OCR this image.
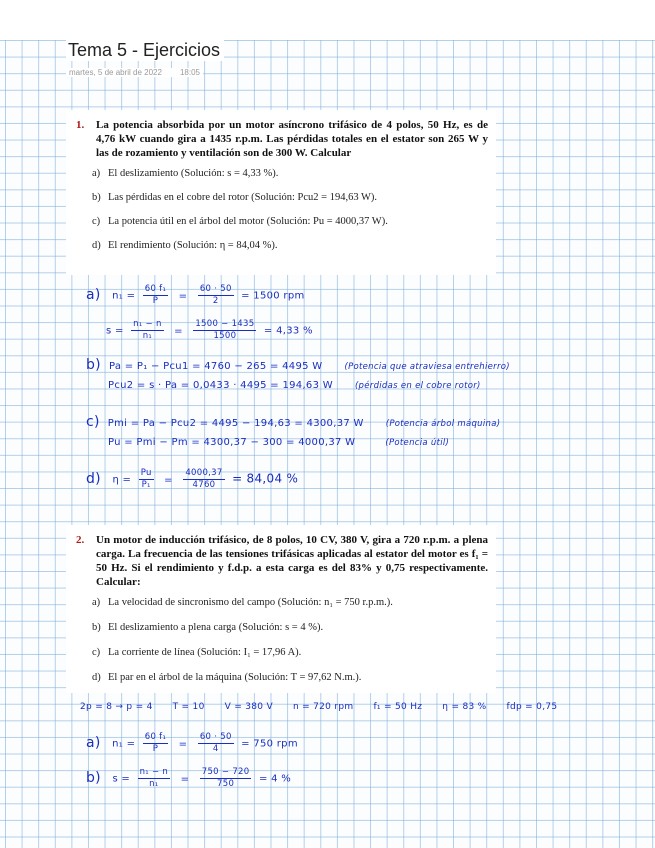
Tema 5 - Ejercicios
martes, 5 de abril de 2022 18:05
1.	La potencia absorbida por un motor asíncrono trifásico de 4 polos, 50 Hz, es de 4,76 kW cuando gira a 1435 r.p.m. Las pérdidas totales en el estator son 265 W y las de rozamiento y ventilación son de 300 W. Calcular
a) El deslizamiento (Solución: s = 4,33 %).
b) Las pérdidas en el cobre del rotor (Solución: Pcu2 = 194,63 W).
c) La potencia útil en el árbol del motor (Solución: Pu = 4000,37 W).
d) El rendimiento (Solución: η = 84,04 %).
a) $n_1 = \frac{\text{60 f₁}}{P} = \frac{60 \cdot 50}{2} = 1500$ rpm
$s = \frac{\text{n₁ − n}}{\text{n₁}} = \frac{1500 - 1435}{1500} = 4,33$ %
b) Pa = P₁ − Pcu1 = 4760 − 265 = 4495 W	(Potencia que atraviesa entrehierro)
Pcu2 = s · Pa = 0,0433 · 4495 = 194,63 W	(pérdidas en el cobre rotor)
c) Pmi = Pa − Pcu2 = 4495 − 194,63 = 4300,37 W	(Potencia árbol máquina)
Pu = Pmi − Pm = 4300,37 − 300 = 4000,37 W	(Potencia útil)
d) $\eta = \frac{Pu}{\text{P₁}} = \frac{4000,37}{4760} = 84,04$ %
2.	Un motor de inducción trifásico, de 8 polos, 10 CV, 380 V, gira a 720 r.p.m. a plena carga. La frecuencia de las tensiones trifásicas aplicadas al estator del motor es f₁ = 50 Hz. Si el rendimiento y f.d.p. a esta carga es del 83% y 0,75 respectivamente. Calcular:
a) La velocidad de sincronismo del campo (Solución: n₁ = 750 r.p.m.).
b) El deslizamiento a plena carga (Solución: s = 4 %).
c) La corriente de línea (Solución: I₁ = 17,96 A).
d) El par en el árbol de la máquina (Solución: T = 97,62 N.m.).
2p = 8 → p = 4 T = 10 V = 380 V n = 720 rpm f₁ = 50 Hz η = 83 % fdp = 0,75
a) $n_1 = \frac{\text{60 f₁}}{P} = \frac{60 \cdot 50}{4} = 750$ rpm
b) $s = \frac{\text{n₁ − n}}{\text{n₁}} = \frac{750 - 720}{750} = 4$ %
